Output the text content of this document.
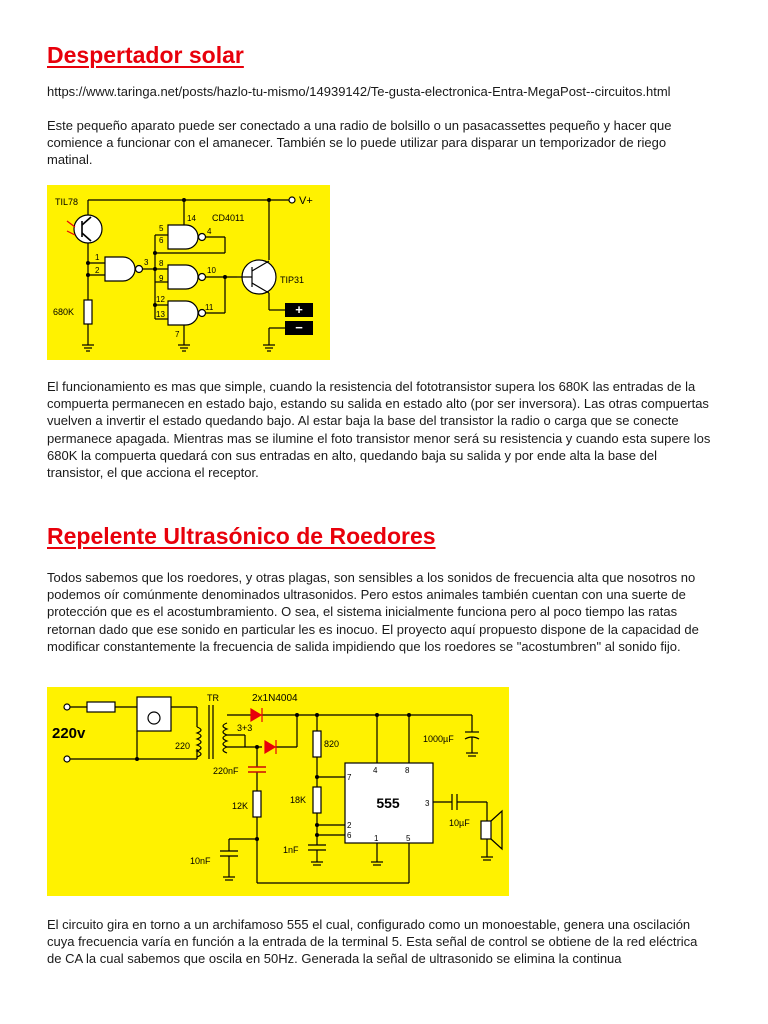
Despertador solar

https://www.taringa.net/posts/hazlo-tu-mismo/14939142/Te-gusta-electronica-Entra-MegaPost--circuitos.html

Este pequeño aparato puede ser conectado a una radio de bolsillo o un pasacassettes pequeño y hacer que comience a funcionar con el amanecer. También se lo puede utilizar para disparar un temporizador de riego matinal.

TIL78
CD4011
V+
680K
TIP31
+
−
1
2
3
5
6
14
4
8
9
10
12
13
11
7

El funcionamiento es mas que simple, cuando la resistencia del fototransistor supera los 680K las entradas de la compuerta permanecen en estado bajo, estando su salida en estado alto (por ser inversora). Las otras compuertas vuelven a invertir el estado quedando bajo. Al estar baja la base del transistor la radio o carga que se conecte permanece apagada. Mientras mas se ilumine el foto transistor menor será su resistencia y cuando esta supere los 680K la compuerta quedará con sus entradas en alto, quedando baja su salida y por ende alta la base del transistor, el que acciona el receptor.

Repelente Ultrasónico de Roedores

Todos sabemos que los roedores, y otras plagas, son sensibles a los sonidos de frecuencia alta que nosotros no podemos oír comúnmente denominados ultrasonidos. Pero estos animales también cuentan con una suerte de protección que es el acostumbramiento. O sea, el sistema inicialmente funciona pero al poco tiempo las ratas retornan dado que ese sonido en particular les es inocuo. El proyecto aquí propuesto dispone de la capacidad de modificar constantemente la frecuencia de salida impidiendo que los roedores se "acostumbren" al sonido fijo.

220v
TR	2x1N4004
3+3
220	820	1000µF
220nF
18K
12K	555
10µF
1nF
10nF
4	8
7
2
6
3
1	5

El circuito gira en torno a un archifamoso 555 el cual, configurado como un monoestable, genera una oscilación cuya frecuencia varía en función a la entrada de la terminal 5. Esta señal de control se obtiene de la red eléctrica de CA la cual sabemos que oscila en 50Hz. Generada la señal de ultrasonido se elimina la continua
